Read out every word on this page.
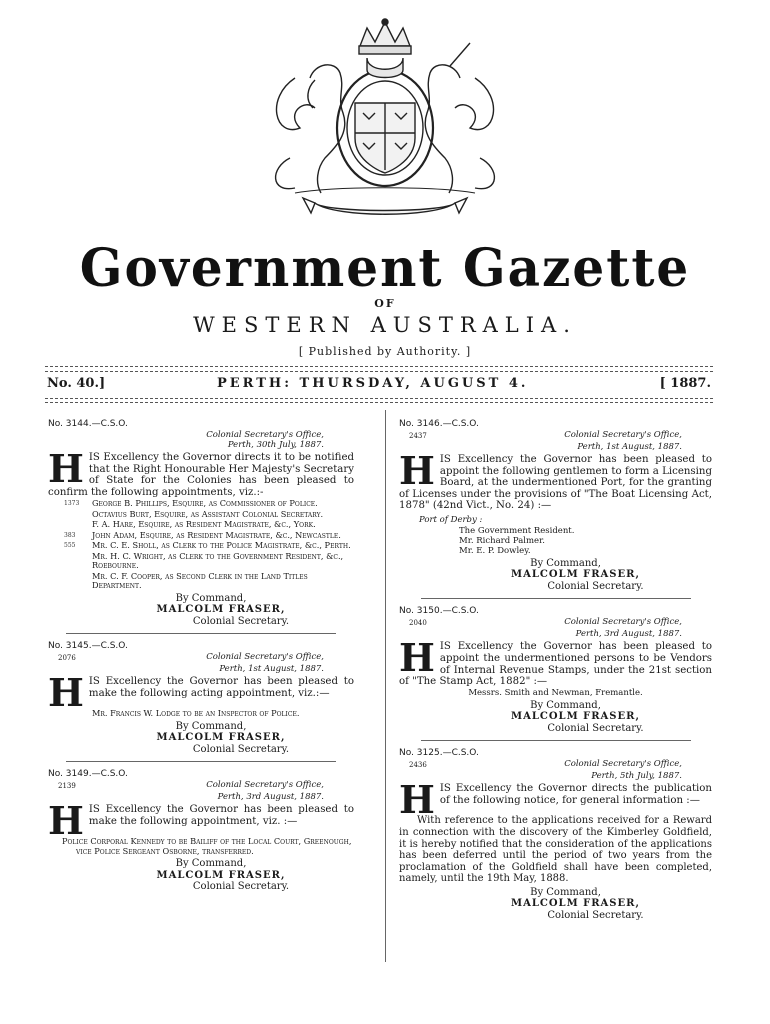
Government Gazette
OF
WESTERN AUSTRALIA.
[ Published by Authority. ]
No. 40.]	PERTH: THURSDAY, AUGUST 4.	[ 1887.
No. 3144.—C.S.O.
Colonial Secretary's Office,
Perth, 30th July, 1887.
HIS Excellency the Governor directs it to be notified that the Right Honourable Her Majesty's Secretary of State for the Colonies has been pleased to confirm the following appointments, viz.:-
1373 George B. Phillips, Esquire, as Commissioner of Police.
Octavius Burt, Esquire, as Assistant Colonial Secretary.
F. A. Hare, Esquire, as Resident Magistrate, &c., York.
383 John Adam, Esquire, as Resident Magistrate, &c., Newcastle.
555 Mr. C. E. Sholl, as Clerk to the Police Magistrate, &c., Perth.
Mr. H. C. Wright, as Clerk to the Government Resident, &c., Roebourne.
Mr. C. F. Cooper, as Second Clerk in the Land Titles Department.
By Command,
MALCOLM FRASER,
Colonial Secretary.
No. 3145.—C.S.O.
2076	Colonial Secretary's Office,
Perth, 1st August, 1887.
HIS Excellency the Governor has been pleased to make the following acting appointment, viz.:—
Mr. Francis W. Lodge to be an Inspector of Police.
By Command,
MALCOLM FRASER,
Colonial Secretary.
No. 3149.—C.S.O.
2139	Colonial Secretary's Office,
Perth, 3rd August, 1887.
HIS Excellency the Governor has been pleased to make the following appointment, viz. :—
Police Corporal Kennedy to be Bailiff of the Local Court, Greenough, vice Police Sergeant Osborne, transferred.
By Command,
MALCOLM FRASER,
Colonial Secretary.
No. 3146.—C.S.O.
2437	Colonial Secretary's Office,
Perth, 1st August, 1887.
HIS Excellency the Governor has been pleased to appoint the following gentlemen to form a Licensing Board, at the undermentioned Port, for the granting of Licenses under the provisions of "The Boat Licensing Act, 1878" (42nd Vict., No. 24) :—
Port of Derby :
The Government Resident.
Mr. Richard Palmer.
Mr. E. P. Dowley.
By Command,
MALCOLM FRASER,
Colonial Secretary.
No. 3150.—C.S.O.
2040	Colonial Secretary's Office,
Perth, 3rd August, 1887.
HIS Excellency the Governor has been pleased to appoint the undermentioned persons to be Vendors of Internal Revenue Stamps, under the 21st section of "The Stamp Act, 1882" :—
Messrs. Smith and Newman, Fremantle.
By Command,
MALCOLM FRASER,
Colonial Secretary.
No. 3125.—C.S.O.
2436	Colonial Secretary's Office,
Perth, 5th July, 1887.
HIS Excellency the Governor directs the publication of the following notice, for general information :—
With reference to the applications received for a Reward in connection with the discovery of the Kimberley Goldfield, it is hereby notified that the consideration of the applications has been deferred until the period of two years from the proclamation of the Goldfield shall have been completed, namely, until the 19th May, 1888.
By Command,
MALCOLM FRASER,
Colonial Secretary.
